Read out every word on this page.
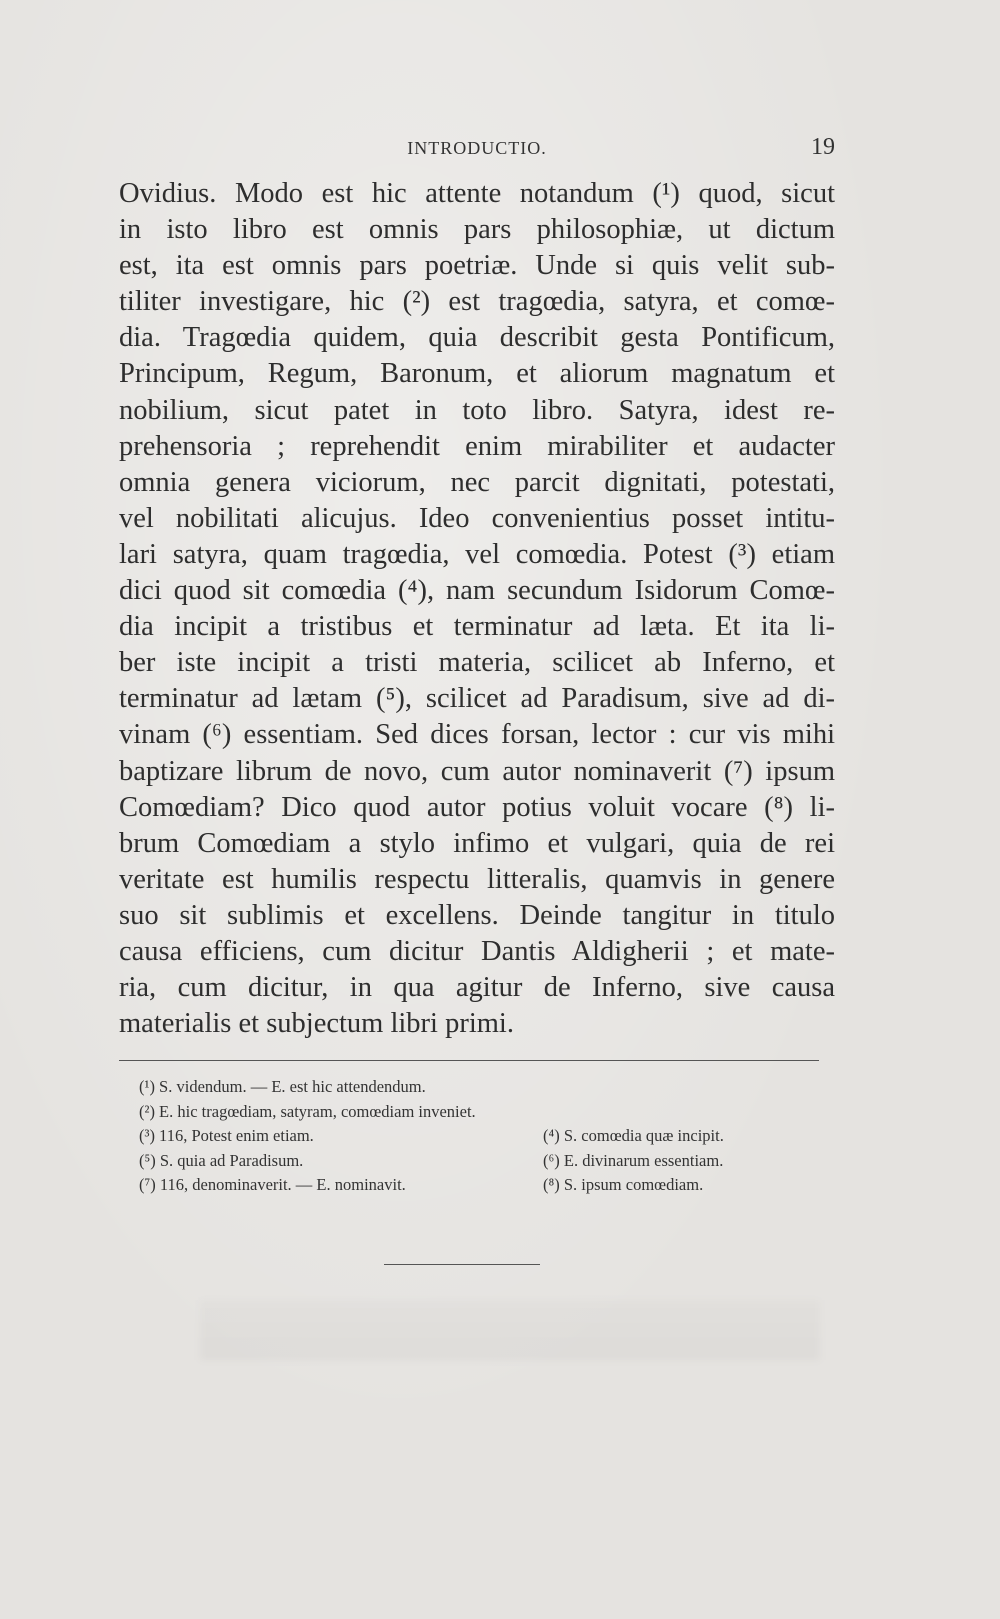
INTRODUCTIO.	19
Ovidius. Modo est hic attente notandum (¹) quod, sicut
in isto libro est omnis pars philosophiæ, ut dictum
est, ita est omnis pars poetriæ. Unde si quis velit sub-
tiliter investigare, hic (²) est tragœdia, satyra, et comœ-
dia. Tragœdia quidem, quia describit gesta Pontificum,
Principum, Regum, Baronum, et aliorum magnatum et
nobilium, sicut patet in toto libro. Satyra, idest re-
prehensoria ; reprehendit enim mirabiliter et audacter
omnia genera viciorum, nec parcit dignitati, potestati,
vel nobilitati alicujus. Ideo convenientius posset intitu-
lari satyra, quam tragœdia, vel comœdia. Potest (³) etiam
dici quod sit comœdia (⁴), nam secundum Isidorum Comœ-
dia incipit a tristibus et terminatur ad læta. Et ita li-
ber iste incipit a tristi materia, scilicet ab Inferno, et
terminatur ad lætam (⁵), scilicet ad Paradisum, sive ad di-
vinam (⁶) essentiam. Sed dices forsan, lector : cur vis mihi
baptizare librum de novo, cum autor nominaverit (⁷) ipsum
Comœdiam? Dico quod autor potius voluit vocare (⁸) li-
brum Comœdiam a stylo infimo et vulgari, quia de rei
veritate est humilis respectu litteralis, quamvis in genere
suo sit sublimis et excellens. Deinde tangitur in titulo
causa efficiens, cum dicitur Dantis Aldigherii ; et mate-
ria, cum dicitur, in qua agitur de Inferno, sive causa
materialis et subjectum libri primi.
(¹) S. videndum. — E. est hic attendendum.
(²) E. hic tragœdiam, satyram, comœdiam inveniet.
(³) 116, Potest enim etiam.	(⁴) S. comœdia quæ incipit.
(⁵) S. quia ad Paradisum.	(⁶) E. divinarum essentiam.
(⁷) 116, denominaverit. — E. nominavit.	(⁸) S. ipsum comœdiam.
